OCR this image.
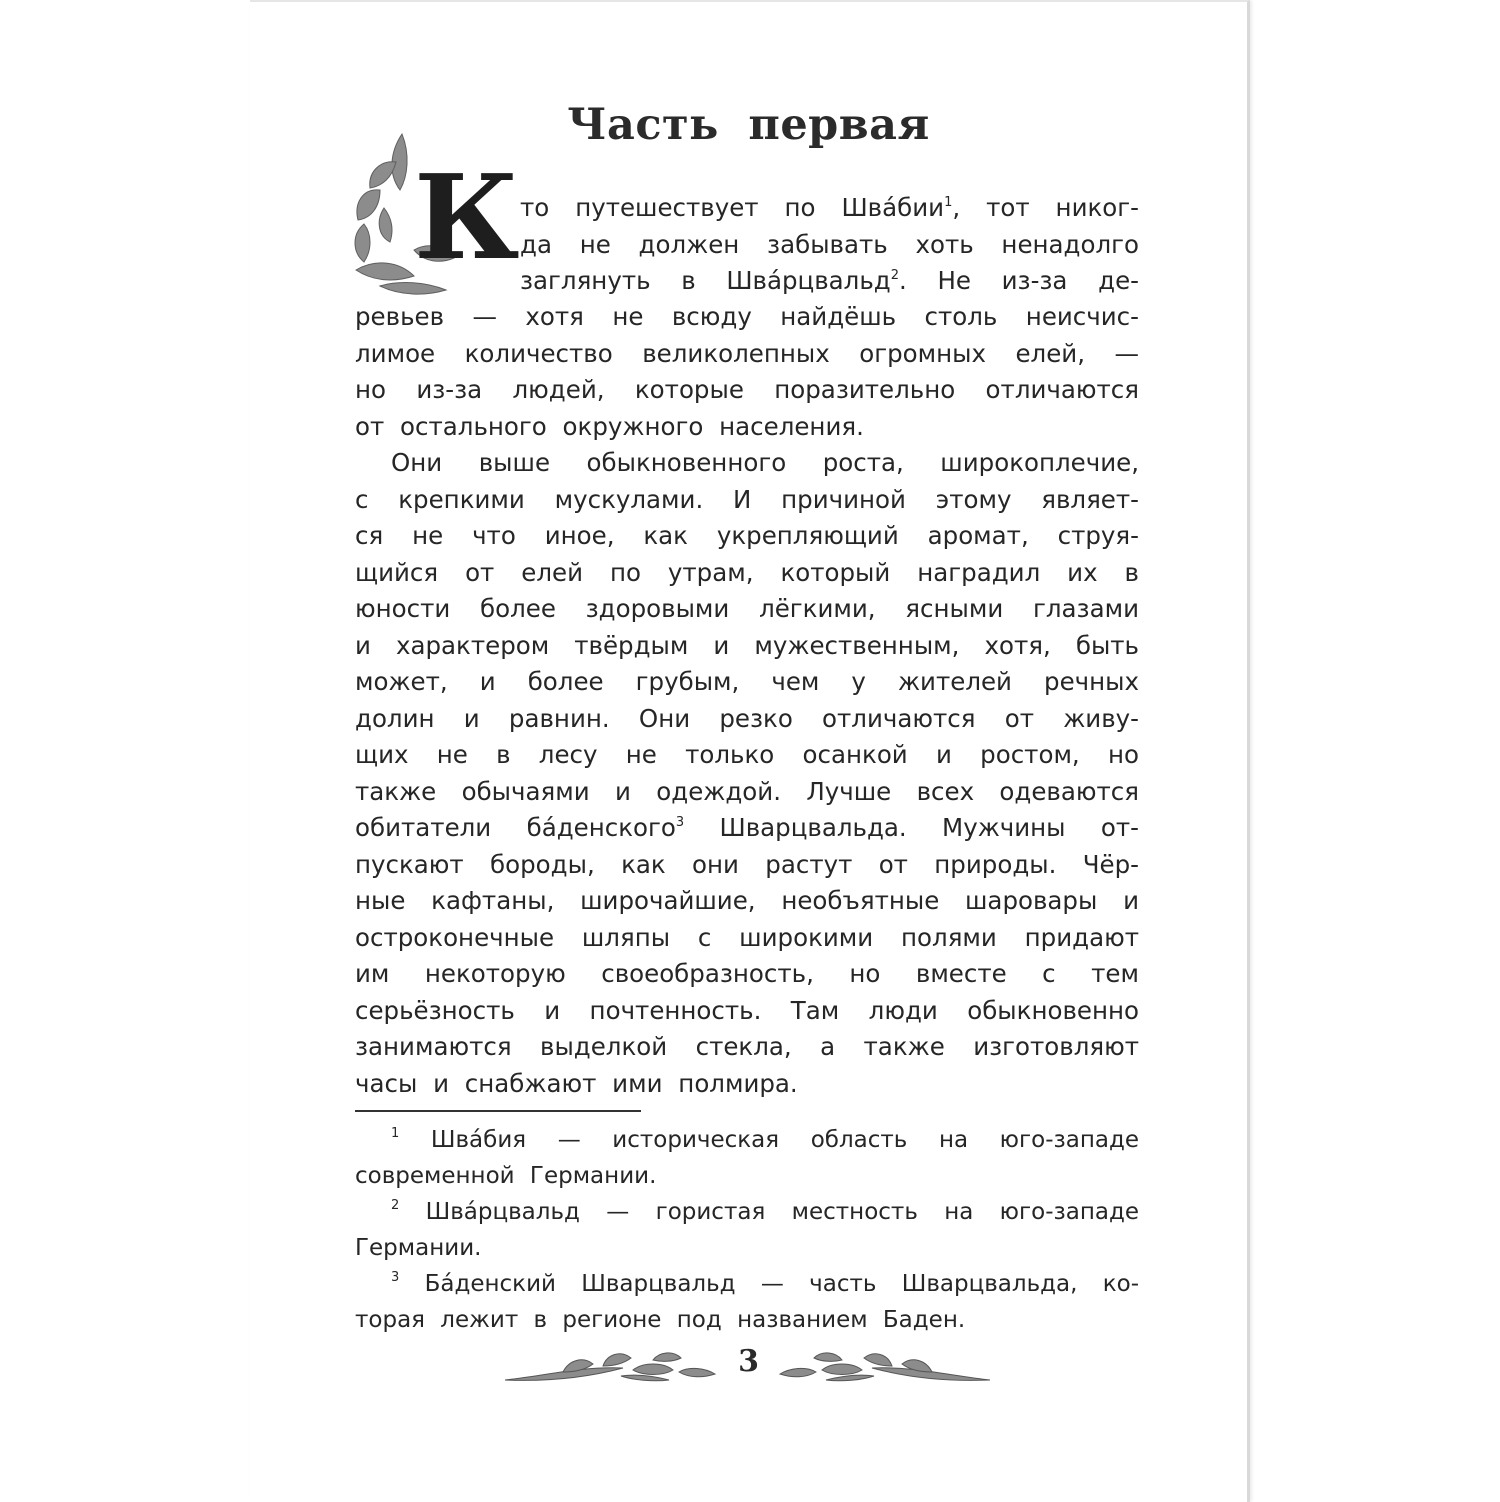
Часть первая
К то путешествует по Шва́бии$^1$, тот никог-
да не должен забывать хоть ненадолго
заглянуть в Шва́рцвальд$^2$. Не из-за де-
ревьев — хотя не всюду найдёшь столь неисчис-
лимое количество великолепных огромных елей, —
но из-за людей, которые поразительно отличаются
от остального окружного населения.
Они выше обыкновенного роста, широкоплечие,
с крепкими мускулами. И причиной этому являет-
ся не что иное, как укрепляющий аромат, струя-
щийся от елей по утрам, который наградил их в
юности более здоровыми лёгкими, ясными глазами
и характером твёрдым и мужественным, хотя, быть
может, и более грубым, чем у жителей речных
долин и равнин. Они резко отличаются от живу-
щих не в лесу не только осанкой и ростом, но
также обычаями и одеждой. Лучше всех одеваются
обитатели ба́денского$^3$ Шварцвальда. Мужчины от-
пускают бороды, как они растут от природы. Чёр-
ные кафтаны, широчайшие, необъятные шаровары и
остроконечные шляпы с широкими полями придают
им некоторую своеобразность, но вместе с тем
серьёзность и почтенность. Там люди обыкновенно
занимаются выделкой стекла, а также изготовляют
часы и снабжают ими полмира.
$^1$ Шва́бия — историческая область на юго-западе
современной Германии.
$^2$ Шва́рцвальд — гористая местность на юго-западе
Германии.
$^3$ Ба́денский Шварцвальд — часть Шварцвальда, ко-
торая лежит в регионе под названием Баден.
3
